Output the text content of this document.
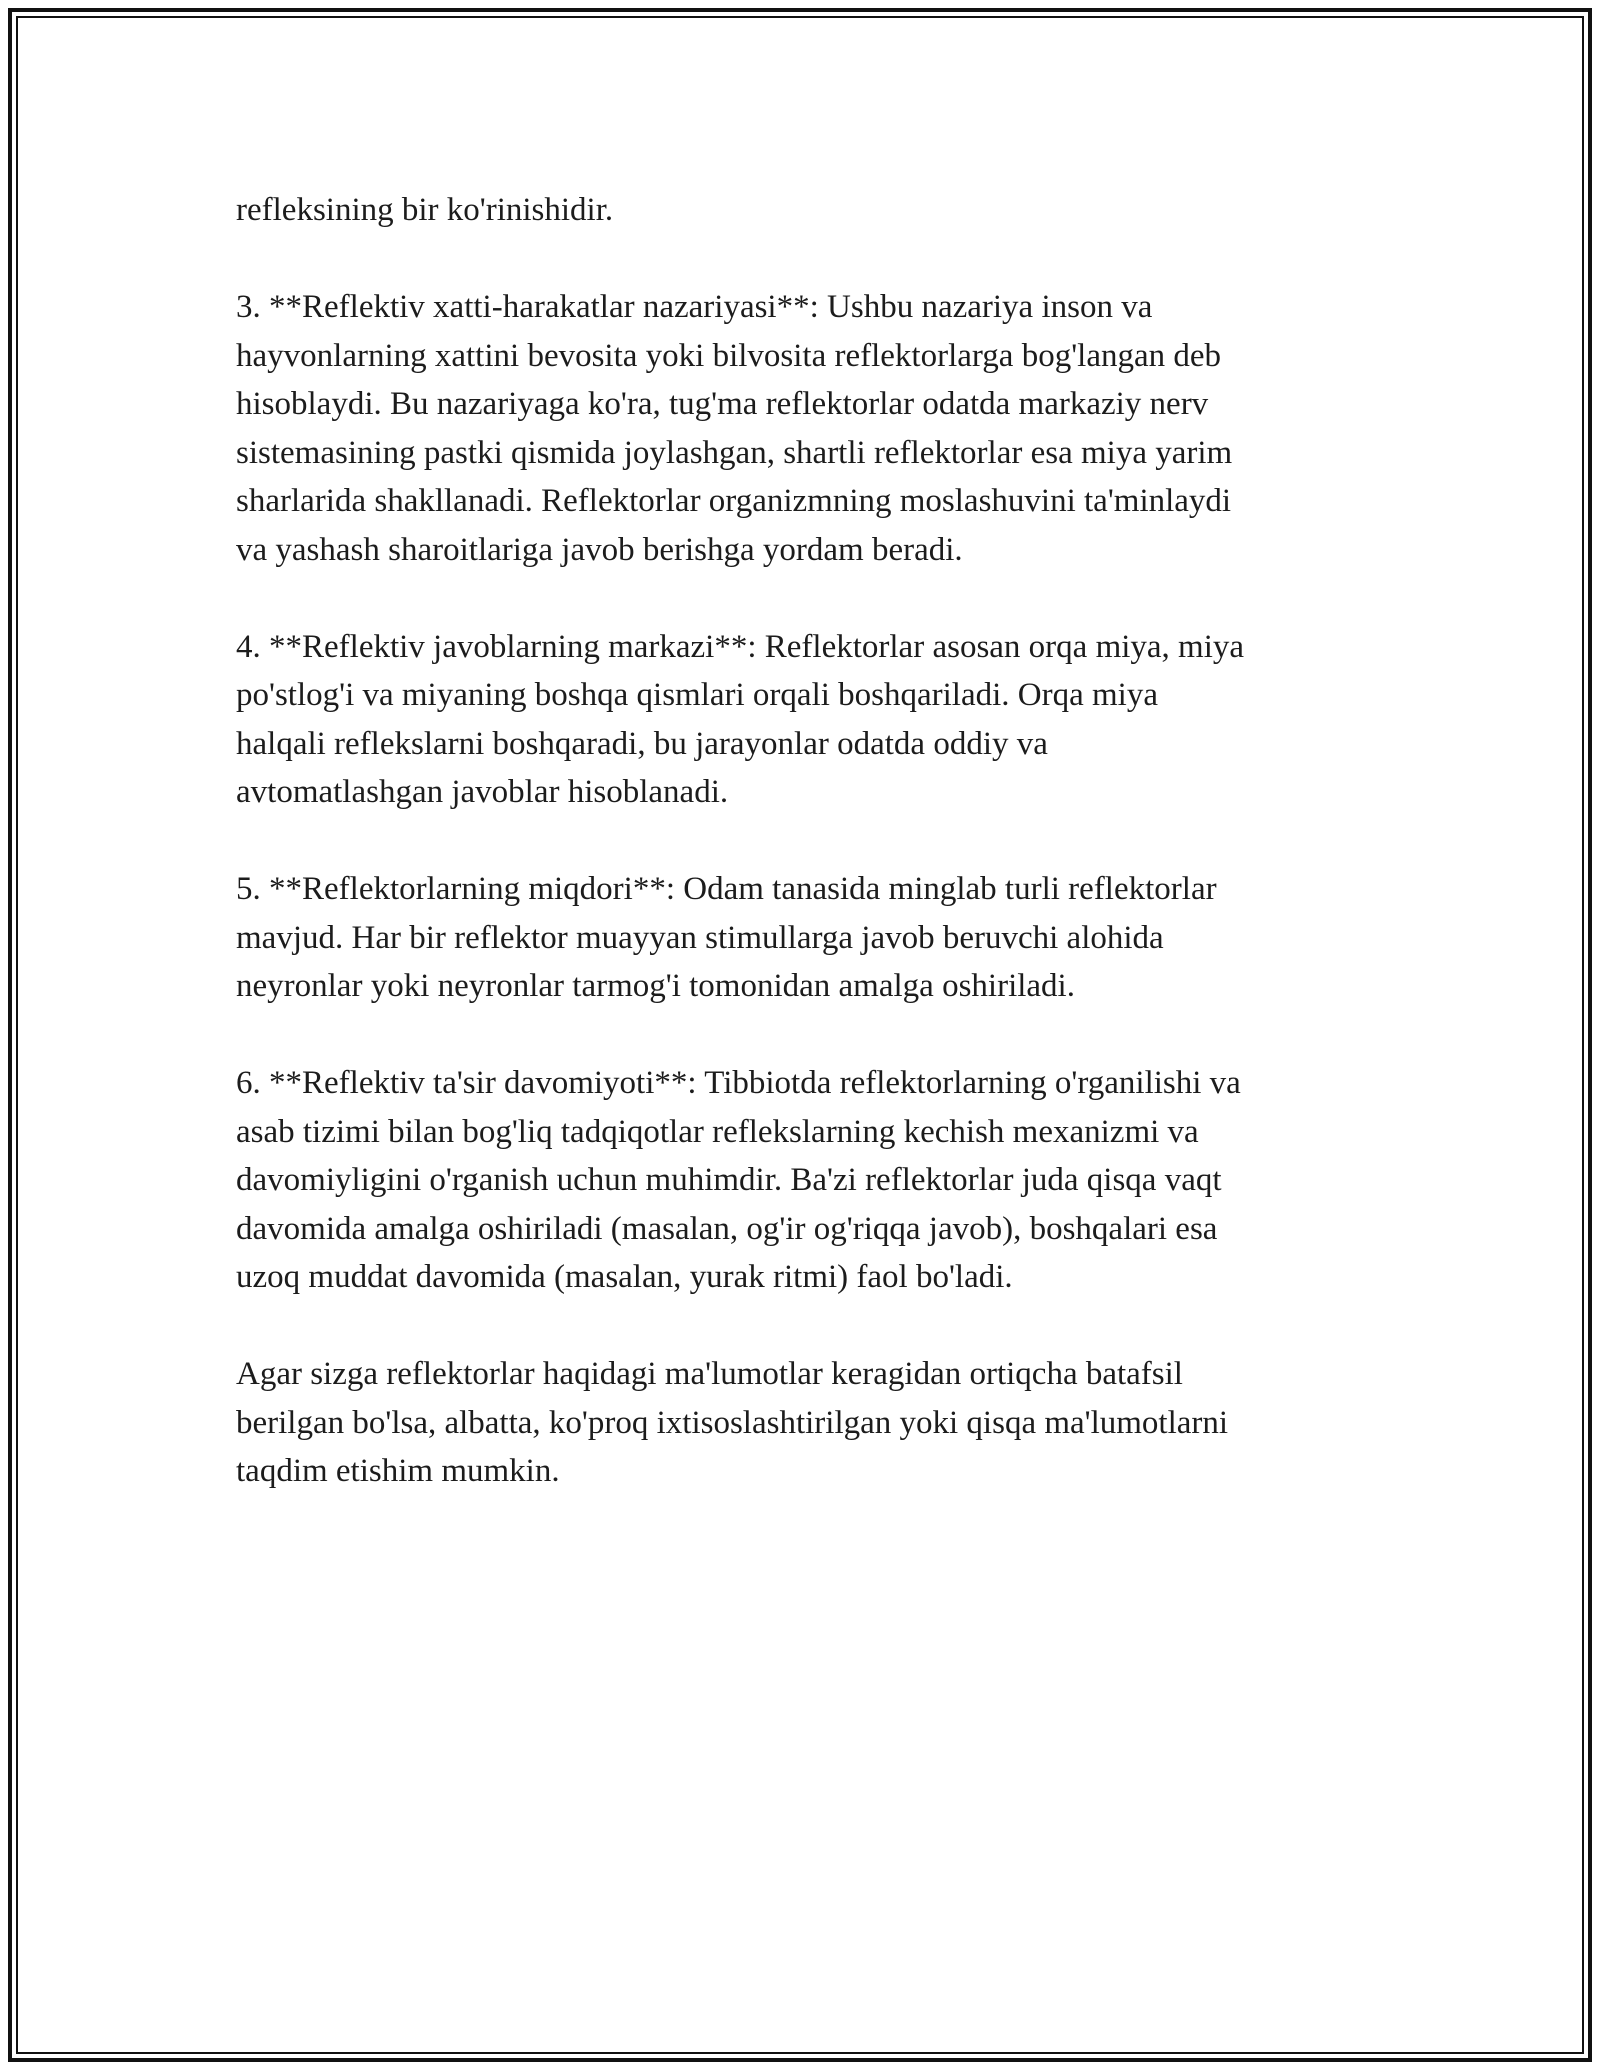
refleksining bir ko'rinishidir.

3. **Reflektiv xatti-harakatlar nazariyasi**: Ushbu nazariya inson va
hayvonlarning xattini bevosita yoki bilvosita reflektorlarga bog'langan deb
hisoblaydi. Bu nazariyaga ko'ra, tug'ma reflektorlar odatda markaziy nerv
sistemasining pastki qismida joylashgan, shartli reflektorlar esa miya yarim
sharlarida shakllanadi. Reflektorlar organizmning moslashuvini ta'minlaydi
va yashash sharoitlariga javob berishga yordam beradi.

4. **Reflektiv javoblarning markazi**: Reflektorlar asosan orqa miya, miya
po'stlog'i va miyaning boshqa qismlari orqali boshqariladi. Orqa miya
halqali reflekslarni boshqaradi, bu jarayonlar odatda oddiy va
avtomatlashgan javoblar hisoblanadi.

5. **Reflektorlarning miqdori**: Odam tanasida minglab turli reflektorlar
mavjud. Har bir reflektor muayyan stimullarga javob beruvchi alohida
neyronlar yoki neyronlar tarmog'i tomonidan amalga oshiriladi.

6. **Reflektiv ta'sir davomiyoti**: Tibbiotda reflektorlarning o'rganilishi va
asab tizimi bilan bog'liq tadqiqotlar reflekslarning kechish mexanizmi va
davomiyligini o'rganish uchun muhimdir. Ba'zi reflektorlar juda qisqa vaqt
davomida amalga oshiriladi (masalan, og'ir og'riqqa javob), boshqalari esa
uzoq muddat davomida (masalan, yurak ritmi) faol bo'ladi.

Agar sizga reflektorlar haqidagi ma'lumotlar keragidan ortiqcha batafsil
berilgan bo'lsa, albatta, ko'proq ixtisoslashtirilgan yoki qisqa ma'lumotlarni
taqdim etishim mumkin.
